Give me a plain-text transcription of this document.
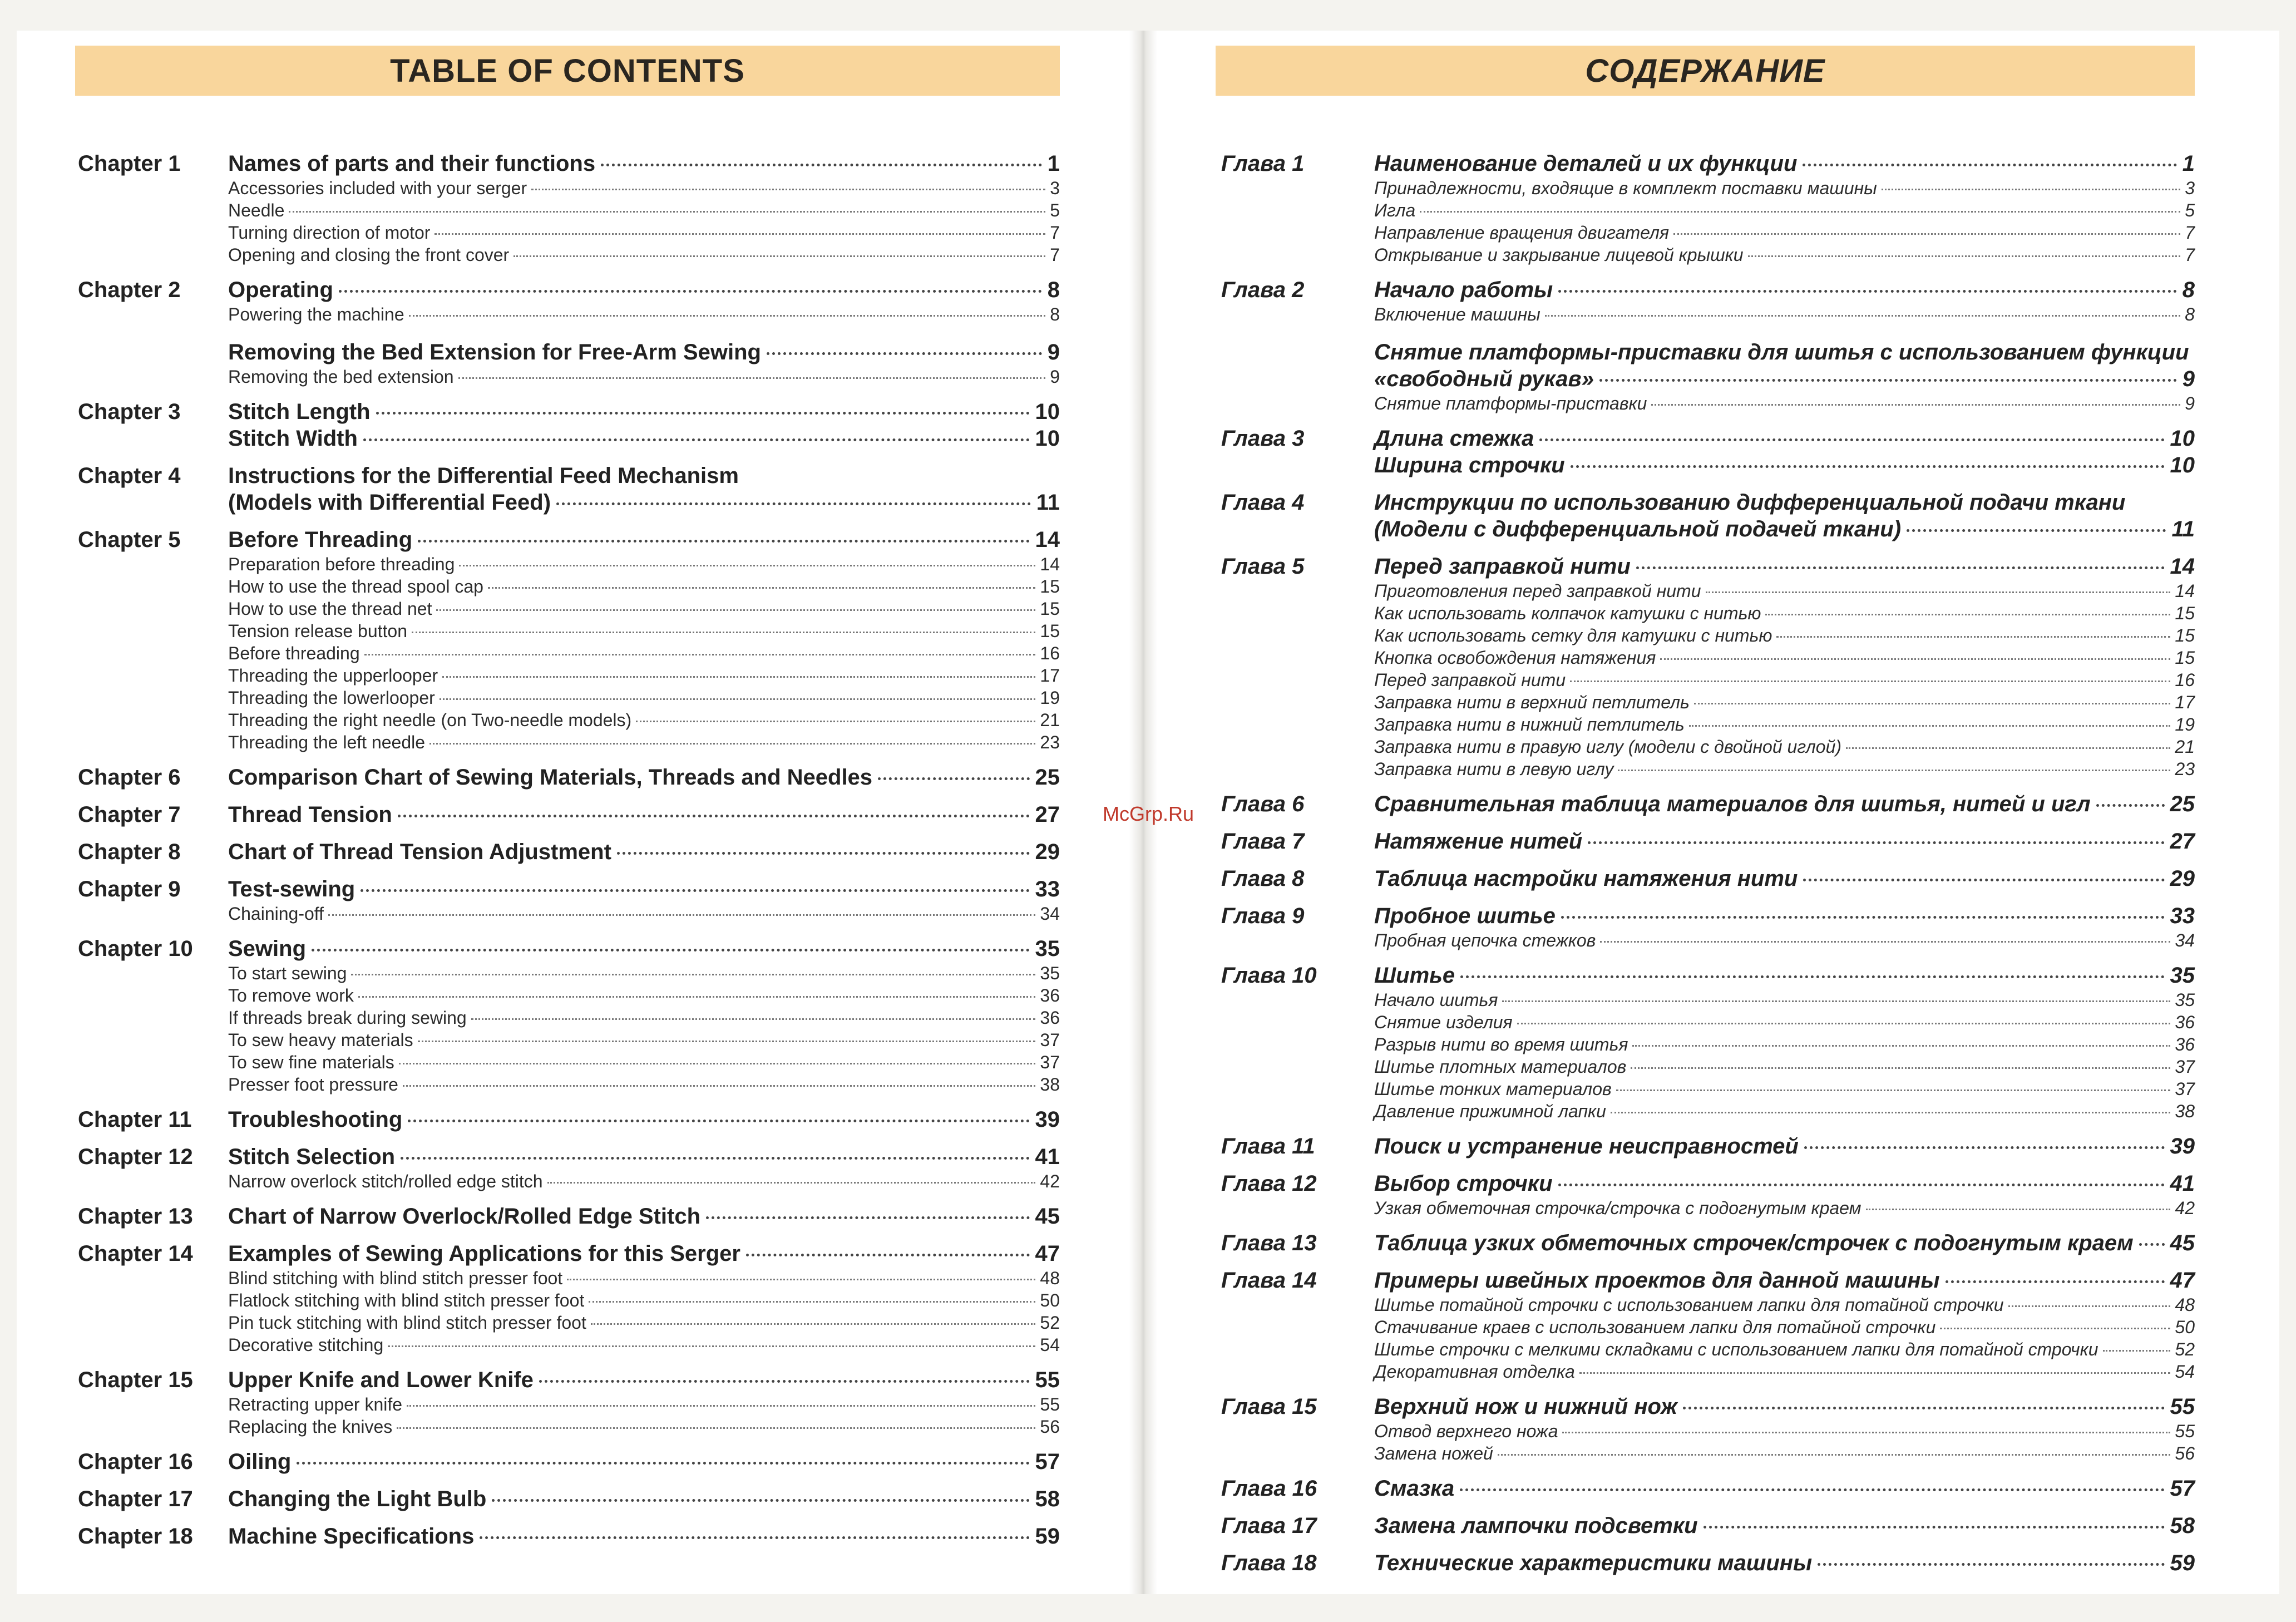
TABLE OF CONTENTS	СОДЕРЖАНИЕ
Chapter 1	Names of parts and their functions	1
Accessories included with your serger	3
Needle	5
Turning direction of motor	7
Opening and closing the front cover	7
Chapter 2	Operating	8
Powering the machine	8
Removing the Bed Extension for Free-Arm Sewing	9
Removing the bed extension	9
Chapter 3	Stitch Length	10
Stitch Width	10
Chapter 4	Instructions for the Differential Feed Mechanism
(Models with Differential Feed)	11
Chapter 5	Before Threading	14
Preparation before threading	14
How to use the thread spool cap	15
How to use the thread net	15
Tension release button	15
Before threading	16
Threading the upperlooper	17
Threading the lowerlooper	19
Threading the right needle (on Two-needle models)	21
Threading the left needle	23
Chapter 6	Comparison Chart of Sewing Materials, Threads and Needles	25
Chapter 7	Thread Tension	27
Chapter 8	Chart of Thread Tension Adjustment	29
Chapter 9	Test-sewing	33
Chaining-off	34
Chapter 10	Sewing	35
To start sewing	35
To remove work	36
If threads break during sewing	36
To sew heavy materials	37
To sew fine materials	37
Presser foot pressure	38
Chapter 11	Troubleshooting	39
Chapter 12	Stitch Selection	41
Narrow overlock stitch/rolled edge stitch	42
Chapter 13	Chart of Narrow Overlock/Rolled Edge Stitch	45
Chapter 14	Examples of Sewing Applications for this Serger	47
Blind stitching with blind stitch presser foot	48
Flatlock stitching with blind stitch presser foot	50
Pin tuck stitching with blind stitch presser foot	52
Decorative stitching	54
Chapter 15	Upper Knife and Lower Knife	55
Retracting upper knife	55
Replacing the knives	56
Chapter 16	Oiling	57
Chapter 17	Changing the Light Bulb	58
Chapter 18	Machine Specifications	59
Глава 1	Наименование деталей и их функции	1
Принадлежности, входящие в комплект поставки машины	3
Игла	5
Направление вращения двигателя	7
Открывание и закрывание лицевой крышки	7
Глава 2	Начало работы	8
Включение машины	8
Снятие платформы-приставки для шитья с использованием функции
«свободный рукав»	9
Снятие платформы-приставки	9
Глава 3	Длина стежка	10
Ширина строчки	10
Глава 4	Инструкции по использованию дифференциальной подачи ткани
(Модели с дифференциальной подачей ткани)	11
Глава 5	Перед заправкой нити	14
Приготовления перед заправкой нити	14
Как использовать колпачок катушки с нитью	15
Как использовать сетку для катушки с нитью	15
Кнопка освобождения натяжения	15
Перед заправкой нити	16
Заправка нити в верхний петлитель	17
Заправка нити в нижний петлитель	19
Заправка нити в правую иглу (модели с двойной иглой)	21
Заправка нити в левую иглу	23
Глава 6	Сравнительная таблица материалов для шитья, нитей и игл	25
Глава 7	Натяжение нитей	27
Глава 8	Таблица настройки натяжения нити	29
Глава 9	Пробное шитье	33
Пробная цепочка стежков	34
Глава 10	Шитье	35
Начало шитья	35
Снятие изделия	36
Разрыв нити во время шитья	36
Шитье плотных материалов	37
Шитье тонких материалов	37
Давление прижимной лапки	38
Глава 11	Поиск и устранение неисправностей	39
Глава 12	Выбор строчки	41
Узкая обметочная строчка/строчка с подогнутым краем	42
Глава 13	Таблица узких обметочных строчек/строчек с подогнутым краем 45
Глава 14	Примеры швейных проектов для данной машины	47
Шитье потайной строчки с использованием лапки для потайной строчки	48
Стачивание краев с использованием лапки для потайной строчки	50
Шитье строчки с мелкими складками с использованием лапки для потайной строчки	52
Декоративная отделка	54
Глава 15	Верхний нож и нижний нож	55
Отвод верхнего ножа	55
Замена ножей	56
Глaвa 16	Смазка	57
Глава 17	Замена лампочки подсветки	58
Глава 18	Технические характеристики машины	59
McGrp.Ru
